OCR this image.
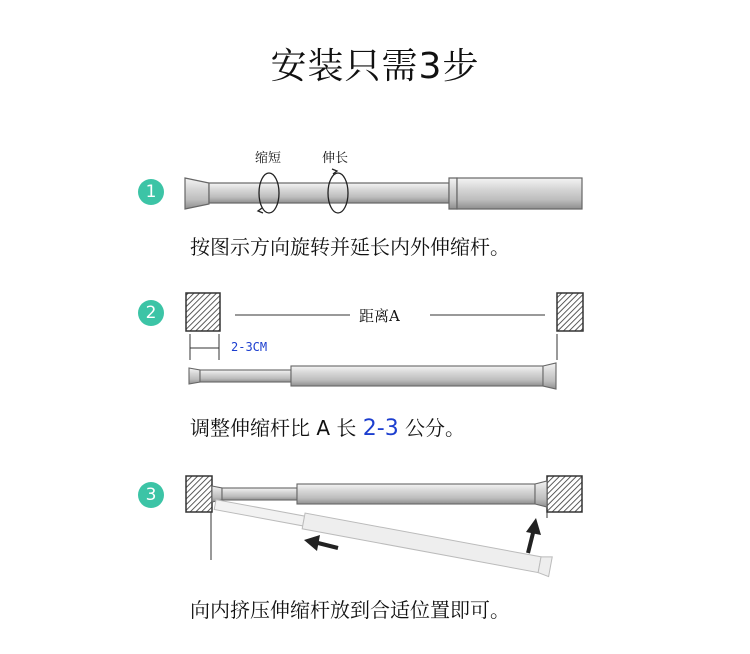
安装只需3步
1
缩短	伸长
按图示方向旋转并延长内外伸缩杆。
2	距离A
2-3CM
调整伸缩杆比 A 长 2-3 公分。
3
向内挤压伸缩杆放到合适位置即可。
